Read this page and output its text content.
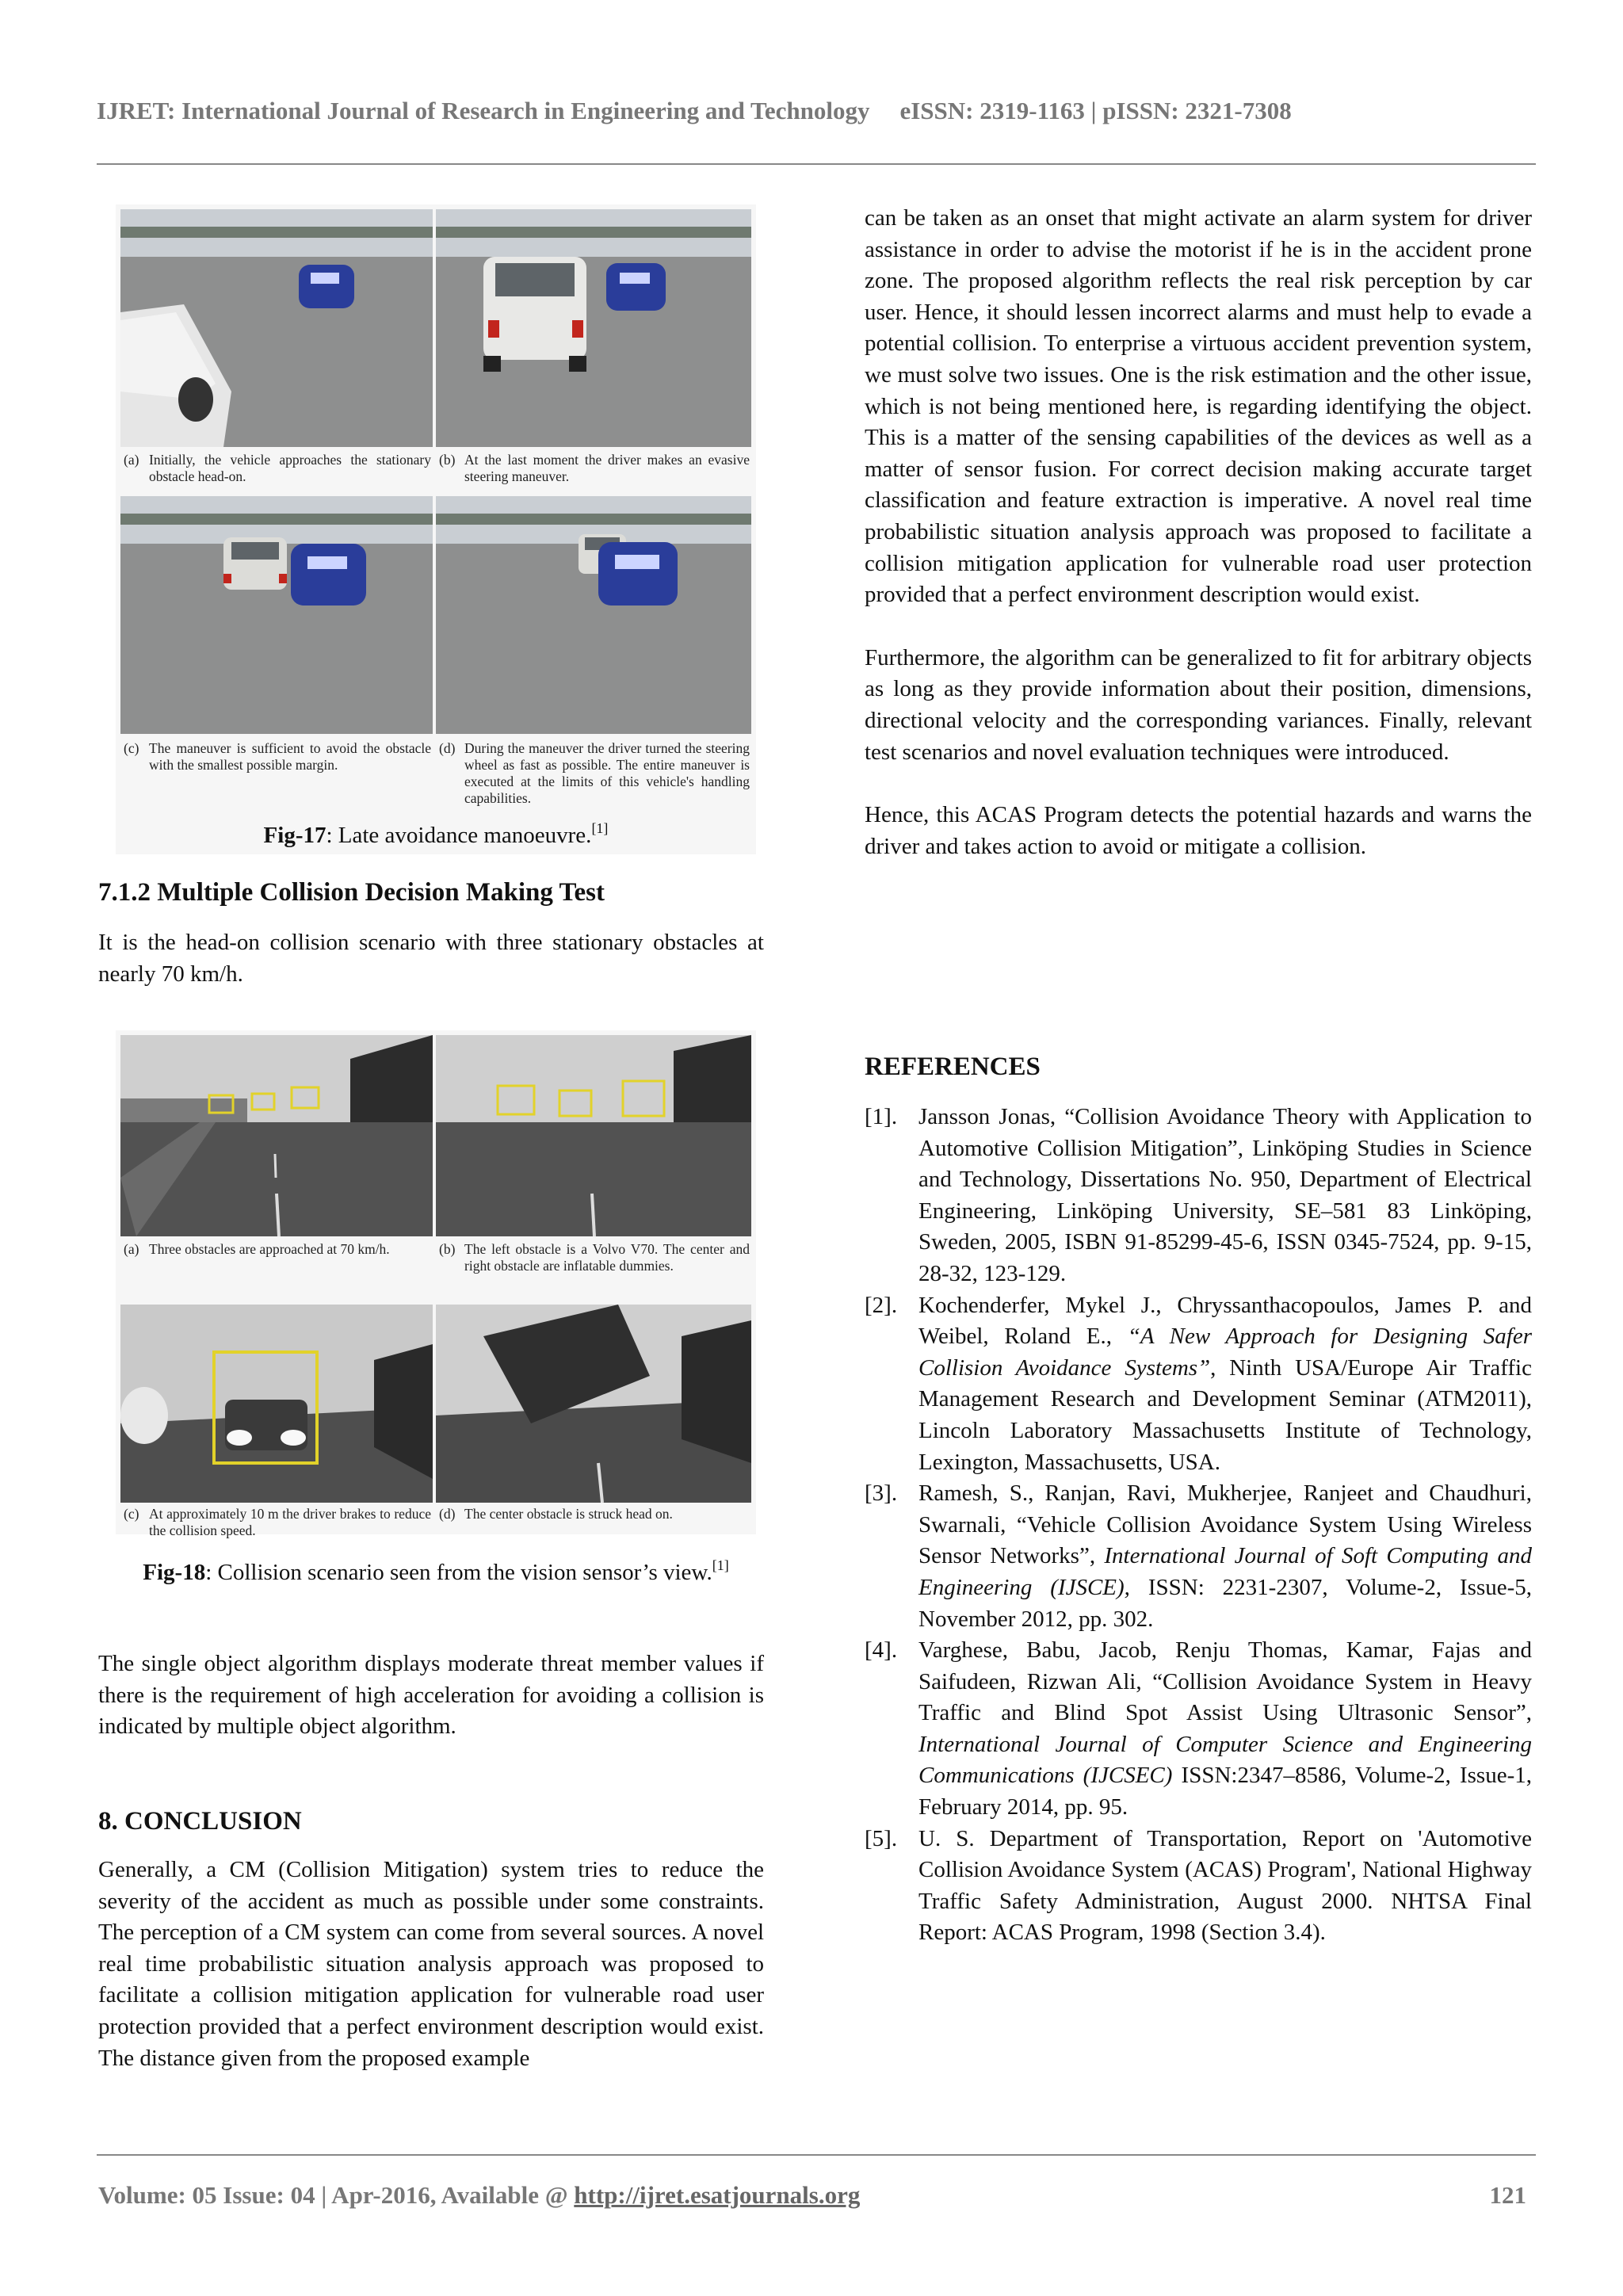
IJRET: International Journal of Research in Engineering and Technology eISSN: 2319-1163 | pISSN: 2321-7308
(a) Initially, the vehicle approaches the stationary obstacle head-on.
(b) At the last moment the driver makes an evasive steering maneuver.
(c) The maneuver is sufficient to avoid the obstacle with the smallest possible margin.
(d) During the maneuver the driver turned the steering wheel as fast as possible. The entire maneuver is executed at the limits of this vehicle's handling capabilities.
Fig-17: Late avoidance manoeuvre.[1]
7.1.2 Multiple Collision Decision Making Test

It is the head-on collision scenario with three stationary obstacles at nearly 70 km/h.

(a) Three obstacles are approached at 70 km/h.	(b) The left obstacle is a Volvo V70. The center and right obstacle are inflatable dummies.
(c) At approximately 10 m the driver brakes to reduce the collision speed.
(d) The center obstacle is struck head on.
Fig-18: Collision scenario seen from the vision sensor’s view.[1]

The single object algorithm displays moderate threat member values if there is the requirement of high acceleration for avoiding a collision is indicated by multiple object algorithm.

8. CONCLUSION

Generally, a CM (Collision Mitigation) system tries to reduce the severity of the accident as much as possible under some constraints. The perception of a CM system can come from several sources. A novel real time probabilistic situation analysis approach was proposed to facilitate a collision mitigation application for vulnerable road user protection provided that a perfect environment description would exist. The distance given from the proposed example

can be taken as an onset that might activate an alarm system for driver assistance in order to advise the motorist if he is in the accident prone zone. The proposed algorithm reflects the real risk perception by car user. Hence, it should lessen incorrect alarms and must help to evade a potential collision. To enterprise a virtuous accident prevention system, we must solve two issues. One is the risk estimation and the other issue, which is not being mentioned here, is regarding identifying the object. This is a matter of the sensing capabilities of the devices as well as a matter of sensor fusion. For correct decision making accurate target classification and feature extraction is imperative. A novel real time probabilistic situation analysis approach was proposed to facilitate a collision mitigation application for vulnerable road user protection provided that a perfect environment description would exist.

Furthermore, the algorithm can be generalized to fit for arbitrary objects as long as they provide information about their position, dimensions, directional velocity and the corresponding variances. Finally, relevant test scenarios and novel evaluation techniques were introduced.

Hence, this ACAS Program detects the potential hazards and warns the driver and takes action to avoid or mitigate a collision.

REFERENCES
[1]. Jansson Jonas, “Collision Avoidance Theory with Application to Automotive Collision Mitigation”, Linköping Studies in Science and Technology, Dissertations No. 950, Department of Electrical Engineering, Linköping University, SE–581 83 Linköping, Sweden, 2005, ISBN 91-85299-45-6, ISSN 0345-7524, pp. 9-15, 28-32, 123-129.
[2]. Kochenderfer, Mykel J., Chryssanthacopoulos, James P. and Weibel, Roland E., “A New Approach for Designing Safer Collision Avoidance Systems”, Ninth USA/Europe Air Traffic Management Research and Development Seminar (ATM2011), Lincoln Laboratory Massachusetts Institute of Technology, Lexington, Massachusetts, USA.
[3]. Ramesh, S., Ranjan, Ravi, Mukherjee, Ranjeet and Chaudhuri, Swarnali, “Vehicle Collision Avoidance System Using Wireless Sensor Networks”, International Journal of Soft Computing and Engineering (IJSCE), ISSN: 2231-2307, Volume-2, Issue-5, November 2012, pp. 302.
[4]. Varghese, Babu, Jacob, Renju Thomas, Kamar, Fajas and Saifudeen, Rizwan Ali, “Collision Avoidance System in Heavy Traffic and Blind Spot Assist Using Ultrasonic Sensor”, International Journal of Computer Science and Engineering Communications (IJCSEC) ISSN:2347–8586, Volume-2, Issue-1, February 2014, pp. 95.
[5]. U. S. Department of Transportation, Report on 'Automotive Collision Avoidance System (ACAS) Program', National Highway Traffic Safety Administration, August 2000. NHTSA Final Report: ACAS Program, 1998 (Section 3.4).
Volume: 05 Issue: 04 | Apr-2016, Available @ http://ijret.esatjournals.org	121
